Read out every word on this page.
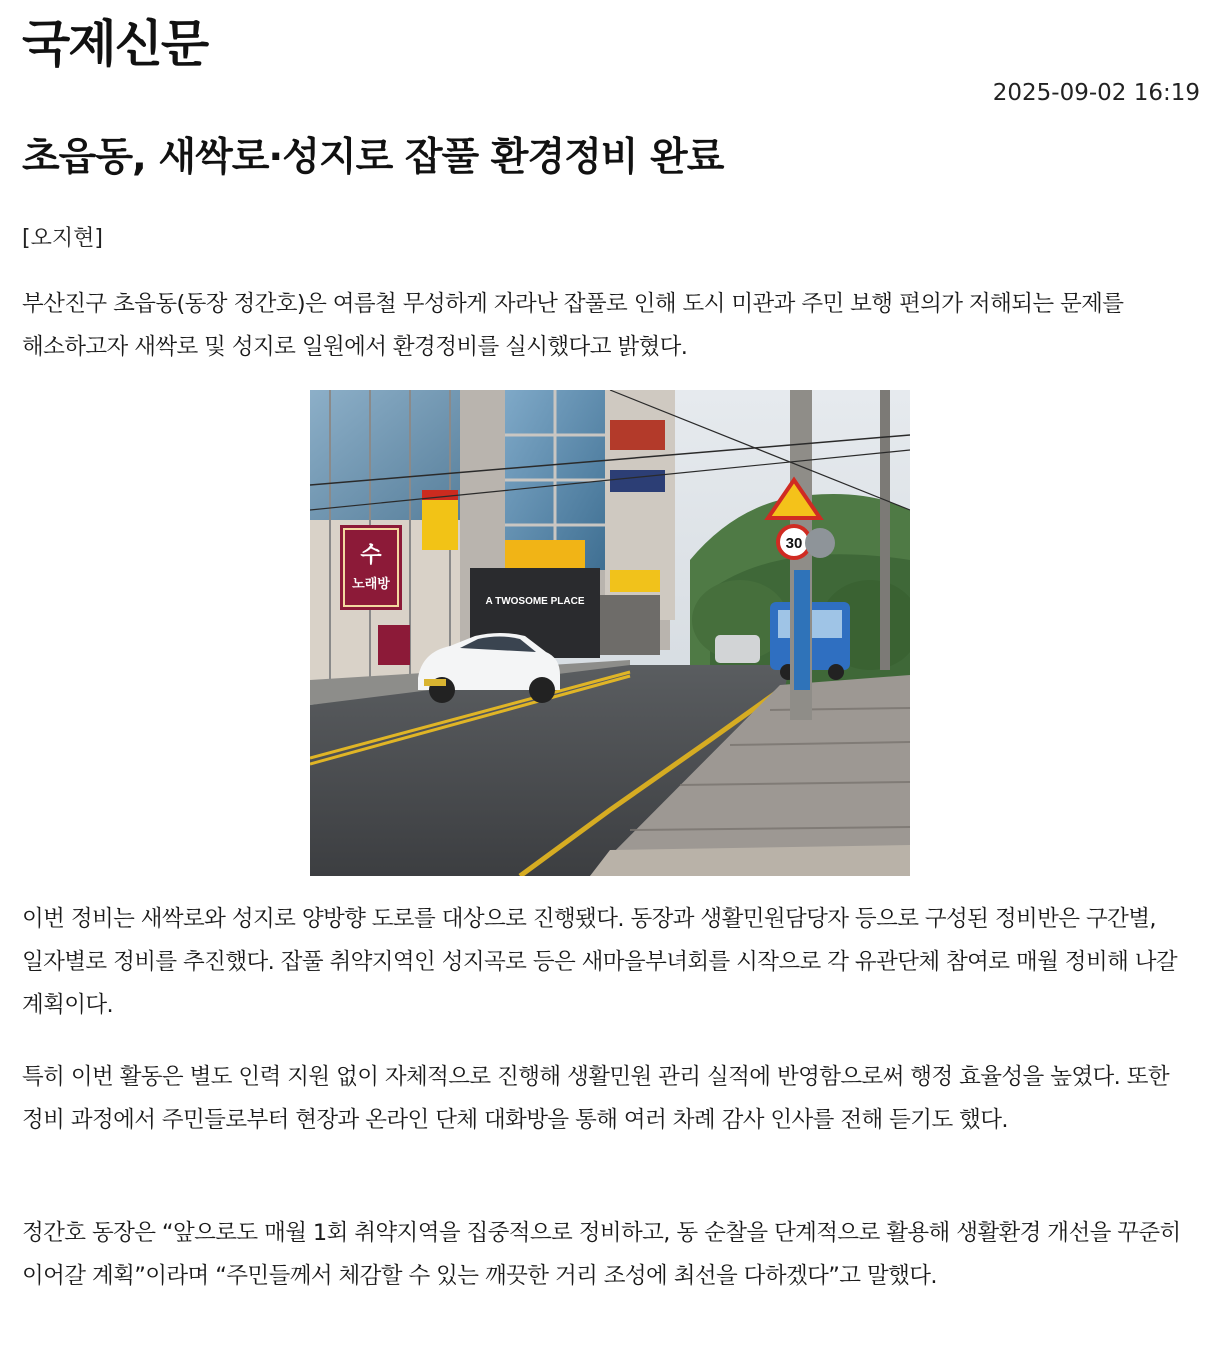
국제신문
2025-09-02 16:19
초읍동, 새싹로·성지로 잡풀 환경정비 완료
[오지현]

부산진구 초읍동(동장 정간호)은 여름철 무성하게 자라난 잡풀로 인해 도시 미관과 주민 보행 편의가 저해되는 문제를 해소하고자 새싹로 및 성지로 일원에서 환경정비를 실시했다고 밝혔다.

A TWOSOME PLACE
수
노래방
30

이번 정비는 새싹로와 성지로 양방향 도로를 대상으로 진행됐다. 동장과 생활민원담당자 등으로 구성된 정비반은 구간별, 일자별로 정비를 추진했다. 잡풀 취약지역인 성지곡로 등은 새마을부녀회를 시작으로 각 유관단체 참여로 매월 정비해 나갈 계획이다.

특히 이번 활동은 별도 인력 지원 없이 자체적으로 진행해 생활민원 관리 실적에 반영함으로써 행정 효율성을 높였다. 또한 정비 과정에서 주민들로부터 현장과 온라인 단체 대화방을 통해 여러 차례 감사 인사를 전해 듣기도 했다.

정간호 동장은 “앞으로도 매월 1회 취약지역을 집중적으로 정비하고, 동 순찰을 단계적으로 활용해 생활환경 개선을 꾸준히 이어갈 계획”이라며 “주민들께서 체감할 수 있는 깨끗한 거리 조성에 최선을 다하겠다”고 말했다.
